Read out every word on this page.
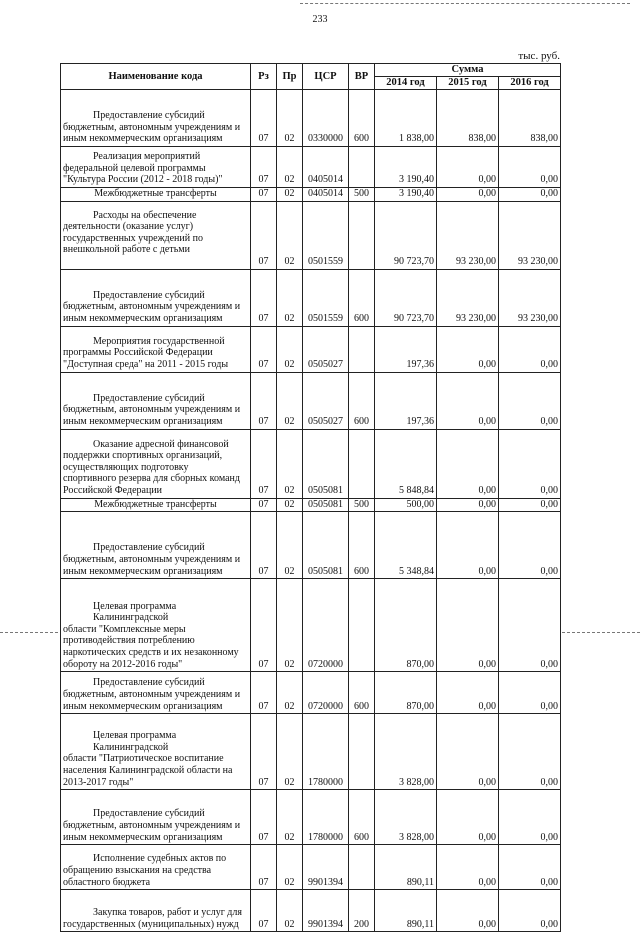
233
тыс. руб.
Наименование кода	Рз	Пр	ЦСР	ВР	Сумма		
					2014 год	2015 год	2016 год

Предоставление субсидий
бюджетным, автономным учреждениям и
иным некоммерческим организациям	07	02	0330000	600	1 838,00	838,00	838,00

Реализация мероприятий
федеральной целевой программы
"Культура России (2012 - 2018 годы)"	07	02	0405014		3 190,40	0,00	0,00

Межбюджетные трансферты	07	02	0405014	500	3 190,40	0,00	0,00

Расходы на обеспечение
деятельности (оказание услуг)
государственных учреждений по
внешкольной работе с детьми	07	02	0501559		90 723,70	93 230,00	93 230,00

Предоставление субсидий
бюджетным, автономным учреждениям и
иным некоммерческим организациям	07	02	0501559	600	90 723,70	93 230,00	93 230,00

Мероприятия государственной
программы Российской Федерации
"Доступная среда" на 2011 - 2015 годы	07	02	0505027		197,36	0,00	0,00

Предоставление субсидий
бюджетным, автономным учреждениям и
иным некоммерческим организациям	07	02	0505027	600	197,36	0,00	0,00

Оказание адресной финансовой
поддержки спортивных организаций,
осуществляющих подготовку
спортивного резерва для сборных команд
Российской Федерации	07	02	0505081		5 848,84	0,00	0,00

Межбюджетные трансферты	07	02	0505081	500	500,00	0,00	0,00

Предоставление субсидий
бюджетным, автономным учреждениям и
иным некоммерческим организациям	07	02	0505081	600	5 348,84	0,00	0,00

Целевая программа Калининградской
области "Комплексные меры
противодействия потреблению
наркотических средств и их незаконному
обороту на 2012-2016 годы"	07	02	0720000		870,00	0,00	0,00

Предоставление субсидий
бюджетным, автономным учреждениям и
иным некоммерческим организациям	07	02	0720000	600	870,00	0,00	0,00

Целевая программа Калининградской
области "Патриотическое воспитание
населения Калининградской области на
2013-2017 годы"	07	02	1780000		3 828,00	0,00	0,00

Предоставление субсидий
бюджетным, автономным учреждениям и
иным некоммерческим организациям	07	02	1780000	600	3 828,00	0,00	0,00

Исполнение судебных актов по
обращению взыскания на средства
областного бюджета	07	02	9901394		890,11	0,00	0,00

Закупка товаров, работ и услуг для
государственных (муниципальных) нужд	07	02	9901394	200	890,11	0,00	0,00
